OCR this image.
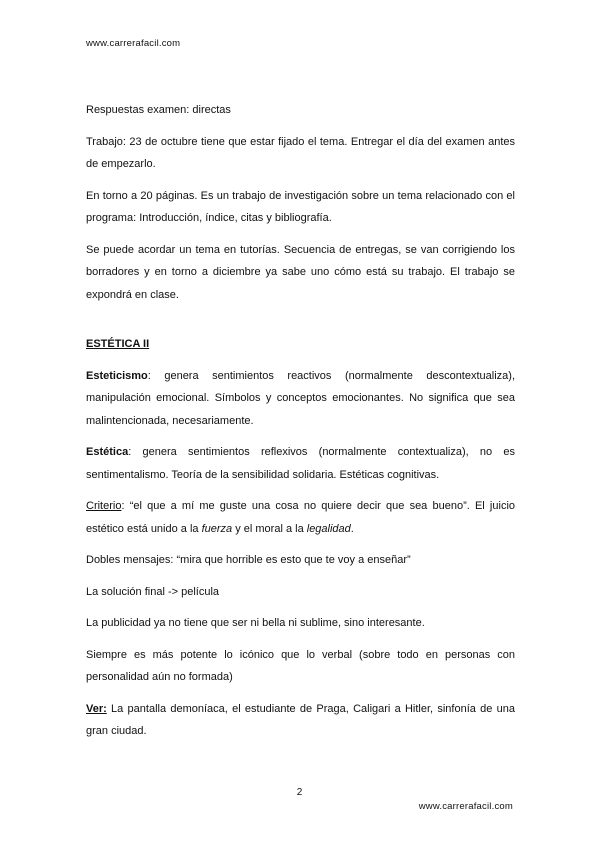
www.carrerafacil.com

Respuestas examen: directas

Trabajo: 23 de octubre tiene que estar fijado el tema. Entregar el día del examen antes de empezarlo.

En torno a 20 páginas. Es un trabajo de investigación sobre un tema relacionado con el programa: Introducción, índice, citas y bibliografía.

Se puede acordar un tema en tutorías. Secuencia de entregas, se van corrigiendo los borradores y en torno a diciembre ya sabe uno cómo está su trabajo. El trabajo se expondrá en clase.

ESTÉTICA II

Esteticismo: genera sentimientos reactivos (normalmente descontextualiza), manipulación emocional. Símbolos y conceptos emocionantes. No significa que sea malintencionada, necesariamente.

Estética: genera sentimientos reflexivos (normalmente contextualiza), no es sentimentalismo. Teoría de la sensibilidad solidaria. Estéticas cognitivas.

Criterio: “el que a mí me guste una cosa no quiere decir que sea bueno”. El juicio estético está unido a la fuerza y el moral a la legalidad.

Dobles mensajes: “mira que horrible es esto que te voy a enseñar”

La solución final -> película

La publicidad ya no tiene que ser ni bella ni sublime, sino interesante.

Siempre es más potente lo icónico que lo verbal (sobre todo en personas con personalidad aún no formada)

Ver: La pantalla demoníaca, el estudiante de Praga, Caligari a Hitler, sinfonía de una gran ciudad.

2
www.carrerafacil.com
